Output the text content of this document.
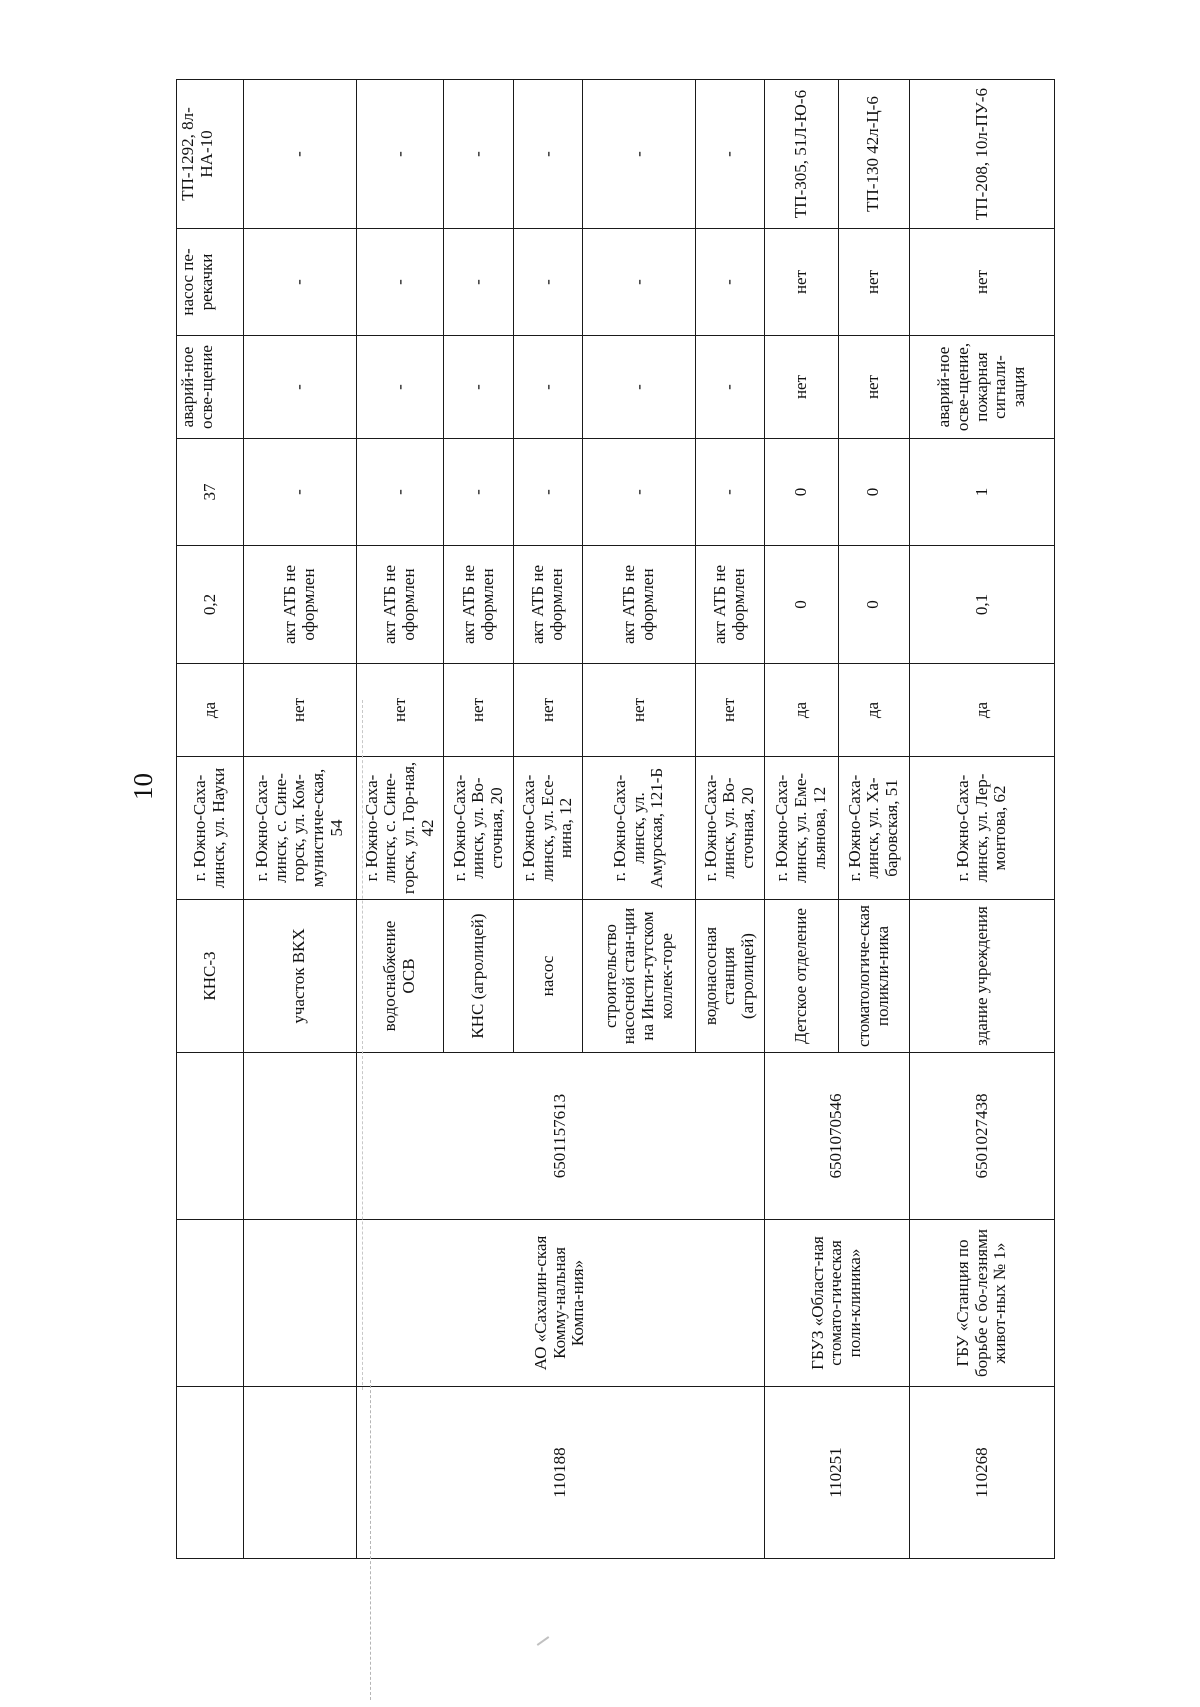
10

			КНС-3	г. Южно-Саха-линск, ул. Науки	да	0,2	37	аварий-ное осве-щение	насос пе-рекачки	ТП-1292, 8л-НА-10

			участок ВКХ	г. Южно-Саха-линск, с. Сине-горск, ул. Ком-мунистиче-ская, 54	нет	акт АТБ не оформлен	-	-	-	-

110188	АО «Сахалин-ская Комму-нальная Компа-ния»	6501157613	водоснабжение ОСВ	г. Южно-Саха-линск, с. Сине-горск, ул. Гор-ная, 42	нет	акт АТБ не оформлен	-	-	-	-

			КНС (агролицей)	г. Южно-Саха-линск, ул. Во-сточная, 20	нет	акт АТБ не оформлен	-	-	-	-

			насос	г. Южно-Саха-линск, ул. Есе-нина, 12	нет	акт АТБ не оформлен	-	-	-	-

			строительство насосной стан-ции на Инсти-тутском коллек-торе	г. Южно-Саха-линск, ул. Амурская, 121-Б	нет	акт АТБ не оформлен	-	-	-	-

			водонасосная станция (агролицей)	г. Южно-Саха-линск, ул. Во-сточная, 20	нет	акт АТБ не оформлен	-	-	-	-

110251	ГБУЗ «Област-ная стомато-гическая поли-клиника»	6501070546	Детское отделение	г. Южно-Саха-линск, ул. Еме-льянова, 12	да	0	0	нет	нет	ТП-305, 51Л-Ю-6

			стоматологиче-ская поликли-ника	г. Южно-Саха-линск, ул. Ха-баровская, 51	да	0	0	нет	нет	ТП-130 42л-Ц-6

110268	ГБУ «Станция по борьбе с бо-лезнями живот-ных № 1»	6501027438	здание учреждения	г. Южно-Саха-линск, ул. Лер-монтова, 62	да	0,1	1	аварий-ное осве-щение, пожарная сигнали-зация	нет	ТП-208, 10л-ПУ-6
